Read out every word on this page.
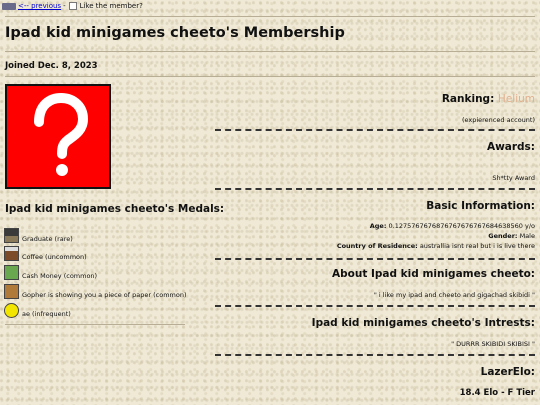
<-- previous - Like the member?
Ipad kid minigames cheeto's Membership
Joined Dec. 8, 2023
Ipad kid minigames cheeto's Medals:
Graduate (rare)
Coffee (uncommon)
Cash Money (common)
Gopher is showing you a piece of paper (common)
ae (infrequent)
Ranking: Helium
(expierenced account)
Awards:
Sh*tty Award
Basic Information:
Age: 0.1275767676876767676767684638560 y/o
Gender: Male
Country of Residence: australlia isnt real but i is live there
About Ipad kid minigames cheeto:
" i like my ipad and cheeto and gigachad skibidi "
Ipad kid minigames cheeto's Intrests:
" DURRR SKIBIDI SKIBISI "
LazerElo:
18.4 Elo - F Tier
